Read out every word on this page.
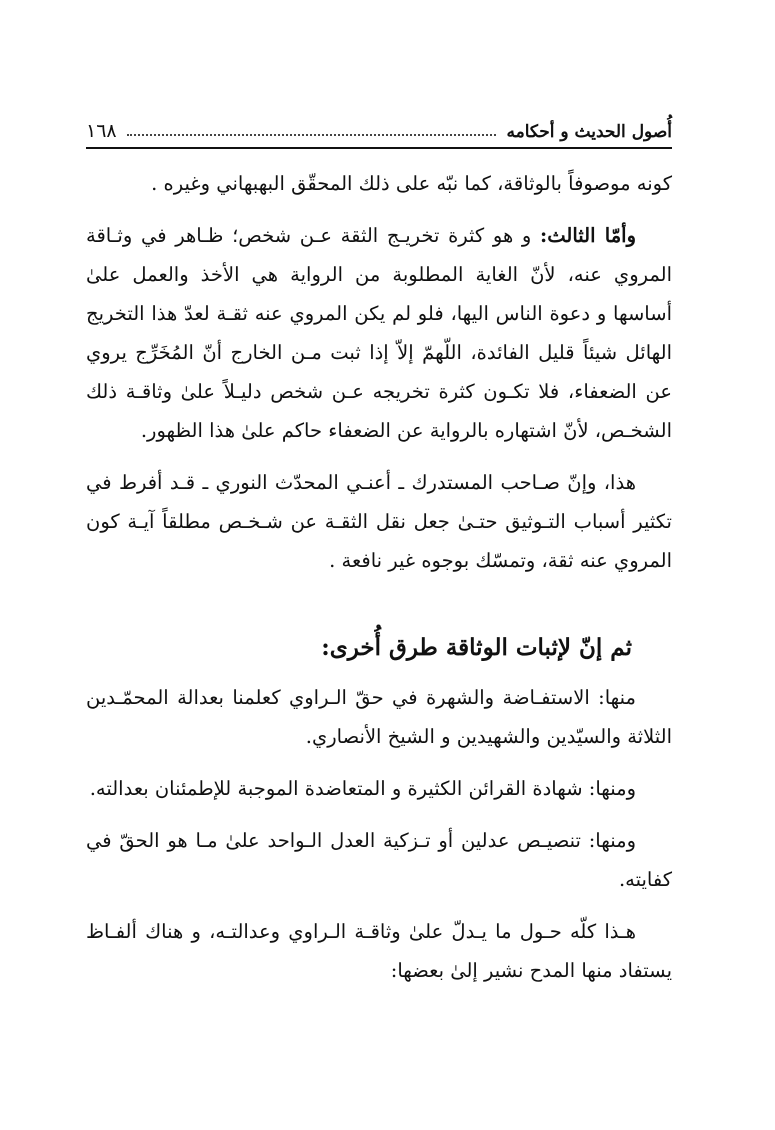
أُصول الحديث و أحكامه
١٦٨

كونه موصوفاً بالوثاقة، كما نبّه على ذلك المحقّق البهبهاني وغيره .

وأمّا الثالث: و هو كثرة تخريـج الثقة عـن شخص؛ ظـاهر في وثـاقة المروي عنه، لأنّ الغاية المطلوبة من الرواية هي الأخذ والعمل علىٰ أساسها و دعوة الناس اليها، فلو لم يكن المروي عنه ثقـة لعدّ هذا التخريج الهائل شيئاً قليل الفائدة، اللّهمّ إلاّ إذا ثبت مـن الخارج أنّ المُخَرِّج يروي عن الضعفاء، فلا تكـون كثرة تخريجه عـن شخص دليـلاً علىٰ وثاقـة ذلك الشخـص، لأنّ اشتهاره بالرواية عن الضعفاء حاكم علىٰ هذا الظهور.

هذا، وإنّ صـاحب المستدرك ـ أعنـي المحدّث النوري ـ قـد أفرط في تكثير أسباب التـوثيق حتـىٰ جعل نقل الثقـة عن شـخـص مطلقاً آيـة كون المروي عنه ثقة، وتمسّك بوجوه غير نافعة .

ثم إنّ لإثبات الوثاقة طرق أُخرى:

منها: الاستفـاضة والشهرة في حقّ الـراوي كعلمنا بعدالة المحمّـدين الثلاثة والسيّدين والشهيدين و الشيخ الأنصاري.

ومنها: شهادة القرائن الكثيرة و المتعاضدة الموجبة للإطمئنان بعدالته.

ومنها: تنصيـص عدلين أو تـزكية العدل الـواحد علىٰ مـا هو الحقّ في كفايته.

هـذا كلّه حـول ما يـدلّ علىٰ وثاقـة الـراوي وعدالتـه، و هناك ألفـاظ يستفاد منها المدح نشير إلىٰ بعضها:
